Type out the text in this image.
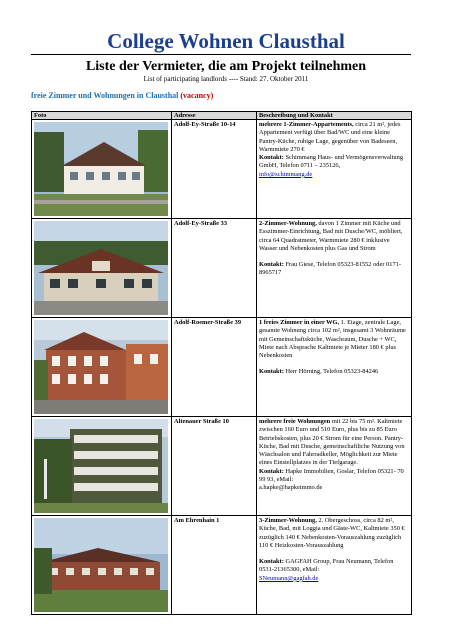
College Wohnen Clausthal
Liste der Vermieter, die am Projekt teilnehmen
List of participating landlords ---- Stand: 27. Oktober 2011
freie Zimmer und Wohnungen in Clausthal (vacancy)
Foto	Adresse	Beschreibung und Kontakt

	Adolf-Ey-Straße 10-14	mehrere 1-Zimmer-Appartements, circa 21 m², jedes Appartement verfügt über Bad/WC und eine kleine Pantry-Küche, ruhige Lage, gegenüber von Badeseen, Warmmiete 270 €
Kontakt: Schimmang Haus- und Vermögensverwaltung GmbH, Telefon 0711 – 235126,
info@schimmang.de

	Adolf-Ey-Straße 33	2-Zimmer-Wohnung, davon 1 Zimmer mit Küche und Esszimmer-Einrichtung, Bad mit Dusche/WC, möbliert, circa 64 Quadratmeter, Warmmiete 280 € inklusive Wasser und Nebenkosten plus Gas und Strom

Kontakt: Frau Giese, Telefon 05323-81552 oder 0171-8965717

	Adolf-Roemer-Straße 39	1 freies Zimmer in einer WG, 1. Etage, zentrale Lage, gesamte Wohnung circa 102 m², insgesamt 3 Wohnräume mit Gemeinschaftsküche, Waschraum, Dusche + WC, Miete nach Absprache Kaltmiete je Mieter 180 € plus Nebenkosten

Kontakt: Herr Hörning, Telefon 05323-84246

	Altenauer Straße 10	mehrere freie Wohnungen mit 22 bis 75 m². Kaltmiete zwischen 160 Euro und 510 Euro, plus bis zu 85 Euro Betriebskosten, plus 20 € Strom für eine Person. Pantry-Küche, Bad mit Dusche, gemeinschaftliche Nutzung von Wäschsalon und Fahrradkeller, Möglichkeit zur Miete eines Einstellplatzes in der Tiefgarage.
Kontakt: Hapke Immobilien, Goslar, Telefon 05321- 70 99 93, eMail:
a.hapke@hapkeimmo.de

	Am Ehrenhain 1	3-Zimmer-Wohnung, 2. Obergeschoss, circa 82 m², Küche, Bad, mit Loggia und Gäste-WC, Kaltmiete 350 € zuzüglich 140 € Nebenkosten-Vorauszahlung zuzüglich 110 € Heizkosten-Vorauszahlung

Kontakt: GAGFAH Group, Frau Neumann, Telefon 0531-21365300, eMail:
SNeumann@gagfah.de
